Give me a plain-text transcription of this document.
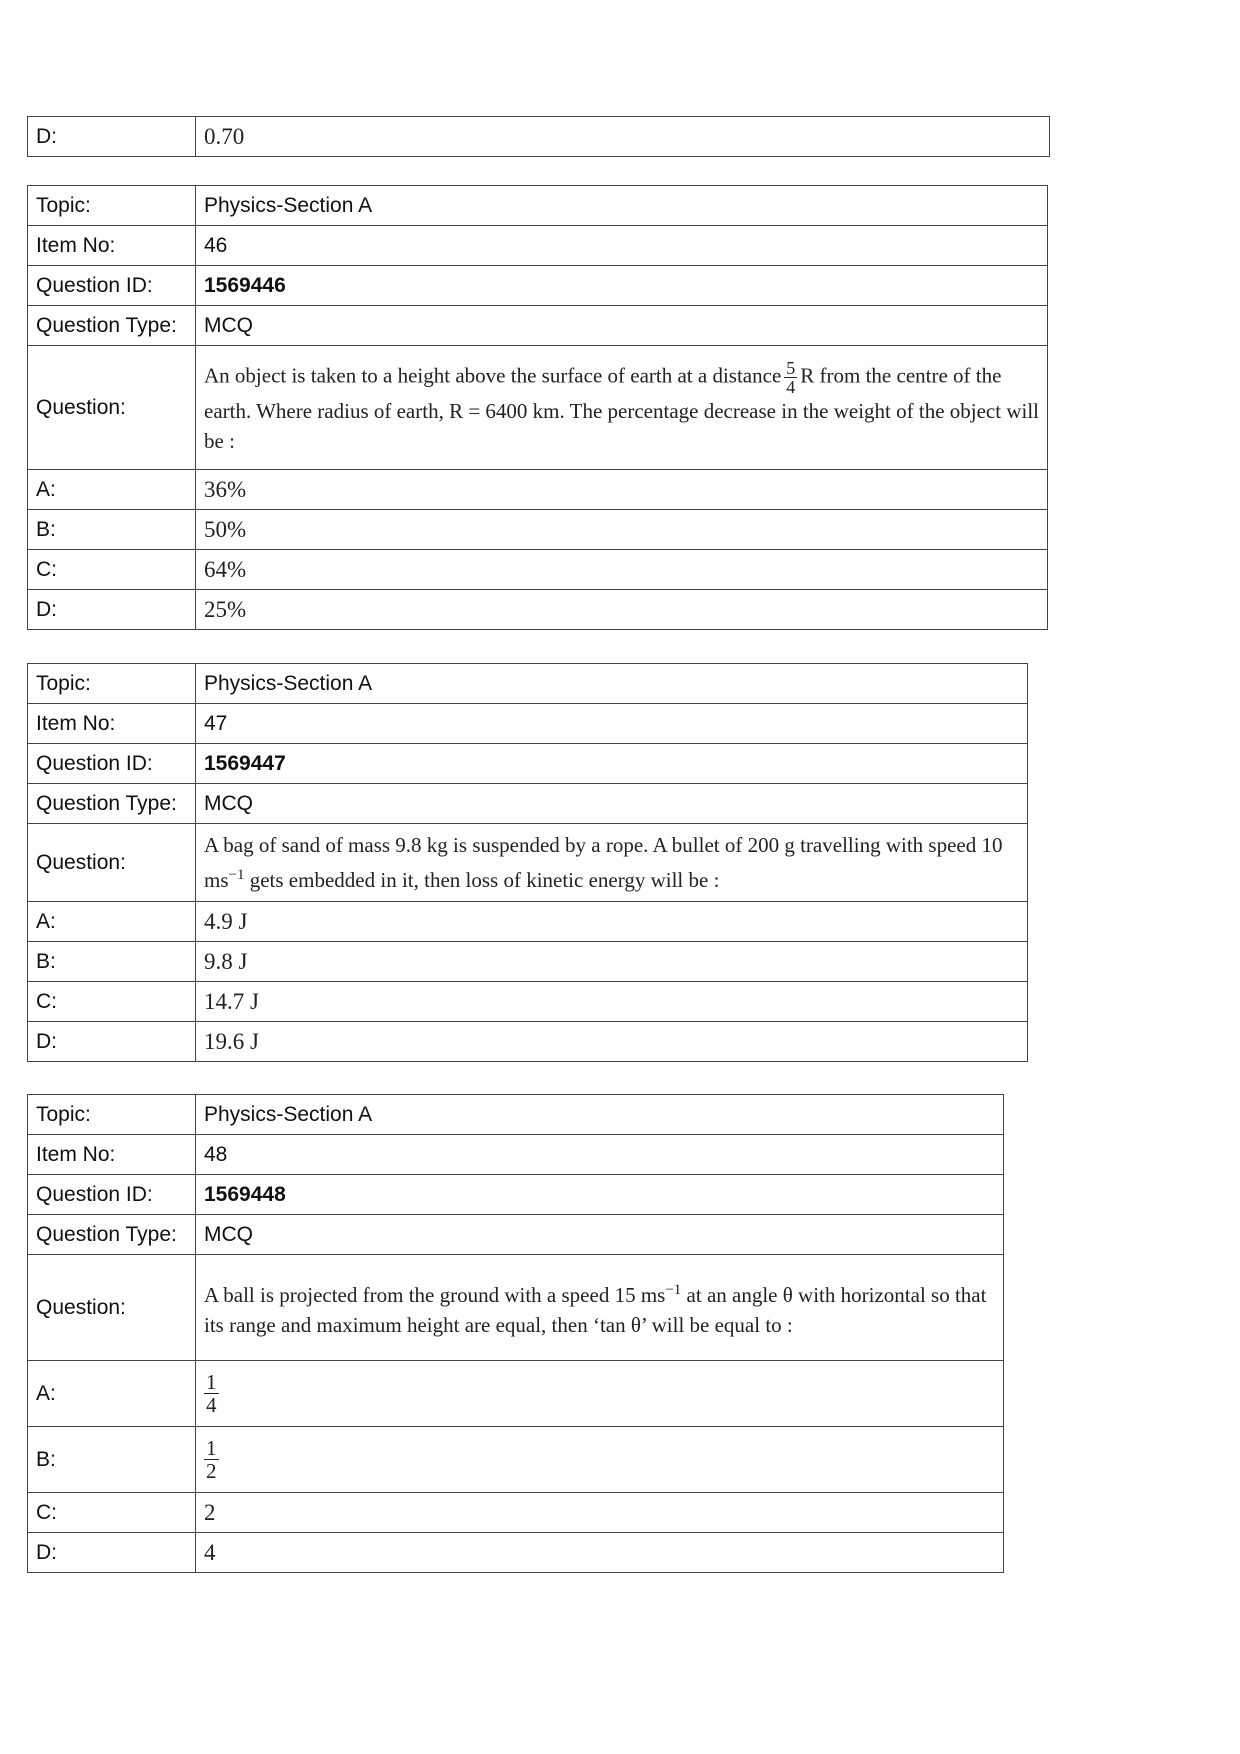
D:	0.70
Topic:	Physics-Section A
Item No:	46
Question ID:	1569446
Question Type:	MCQ
Question:	An object is taken to a height above the surface of earth at a distance $\frac{5}{4}$ R from the centre of the earth. Where radius of earth, R = 6400 km. The percentage decrease in the weight of the object will be :
A:	36%
B:	50%
C:	64%
D:	25%
Topic:	Physics-Section A
Item No:	47
Question ID:	1569447
Question Type:	MCQ
Question:	A bag of sand of mass 9.8 kg is suspended by a rope. A bullet of 200 g travelling with speed 10 $ms^{-1}$ gets embedded in it, then loss of kinetic energy will be :
A:	4.9 J
B:	9.8 J
C:	14.7 J
D:	19.6 J
Topic:	Physics-Section A
Item No:	48
Question ID:	1569448
Question Type:	MCQ
Question:	A ball is projected from the ground with a speed 15 $ms^{-1}$ at an angle θ with horizontal so that its range and maximum height are equal, then ‘tan θ’ will be equal to :
A:	$\frac{1}{4}$

B:	$\frac{1}{2}$

C:	2
D:	4
